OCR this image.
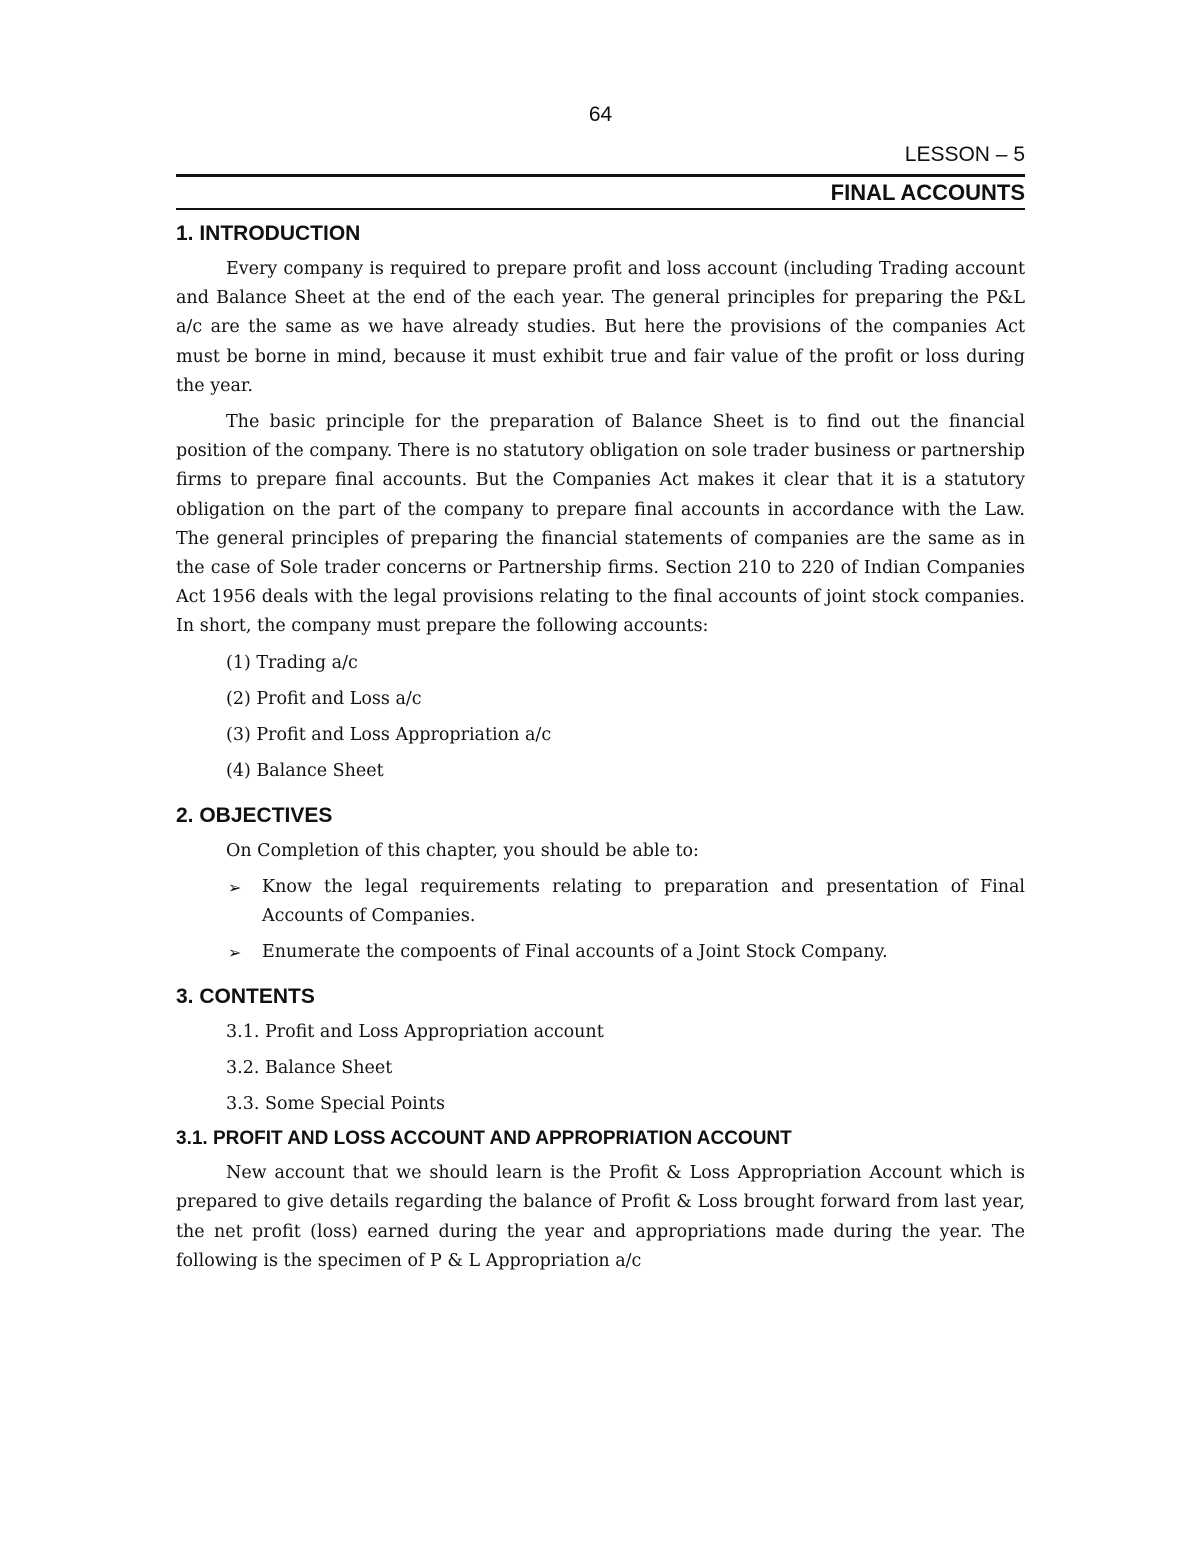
64
LESSON – 5
FINAL ACCOUNTS
1. INTRODUCTION

Every company is required to prepare profit and loss account (including Trading account and Balance Sheet at the end of the each year. The general principles for preparing the P&L a/c are the same as we have already studies. But here the provisions of the companies Act must be borne in mind, because it must exhibit true and fair value of the profit or loss during the year.

The basic principle for the preparation of Balance Sheet is to find out the financial position of the company. There is no statutory obligation on sole trader business or partnership firms to prepare final accounts. But the Companies Act makes it clear that it is a statutory obligation on the part of the company to prepare final accounts in accordance with the Law. The general principles of preparing the financial statements of companies are the same as in the case of Sole trader concerns or Partnership firms. Section 210 to 220 of Indian Companies Act 1956 deals with the legal provisions relating to the final accounts of joint stock companies. In short, the company must prepare the following accounts:

(1) Trading a/c
(2) Profit and Loss a/c
(3) Profit and Loss Appropriation a/c
(4) Balance Sheet
2. OBJECTIVES
On Completion of this chapter, you should be able to:
➢	Know the legal requirements relating to preparation and presentation of Final Accounts of Companies.
➢	Enumerate the compoents of Final accounts of a Joint Stock Company.
3. CONTENTS
3.1. Profit and Loss Appropriation account
3.2. Balance Sheet
3.3. Some Special Points
3.1. PROFIT AND LOSS ACCOUNT AND APPROPRIATION ACCOUNT

New account that we should learn is the Profit & Loss Appropriation Account which is prepared to give details regarding the balance of Profit & Loss brought forward from last year, the net profit (loss) earned during the year and appropriations made during the year. The following is the specimen of P & L Appropriation a/c
